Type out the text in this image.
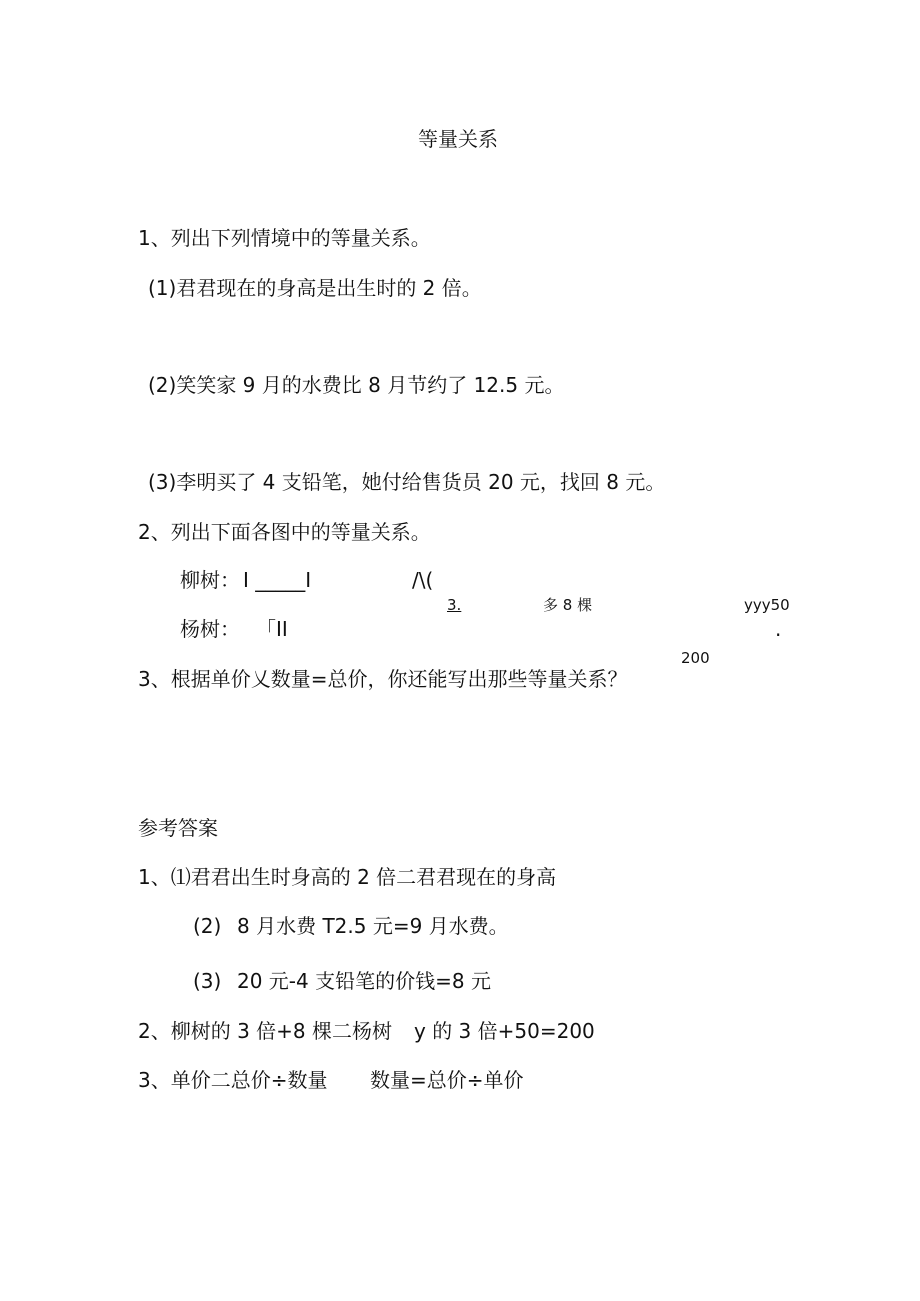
等量关系
1、列出下列情境中的等量关系。
(1)君君现在的身高是出生时的 2 倍。
(2)笑笑家 9 月的水费比 8 月节约了 12.5 元。
(3)李明买了 4 支铅笔，她付给售货员 20 元，找回 8 元。
2、列出下面各图中的等量关系。
柳树： I _____I	/\(
3.	多 8 棵	yyy50
杨树： 「II	.
200
3、根据单价乂数量=总价，你还能写出那些等量关系？
参考答案
1、⑴君君出生时身高的 2 倍二君君现在的身高
(2) 8 月水费 T2.5 元=9 月水费。
(3) 20 元-4 支铅笔的价钱=8 元
2、柳树的 3 倍+8 棵二杨树 y 的 3 倍+50=200
3、单价二总价÷数量 数量=总价÷单价
